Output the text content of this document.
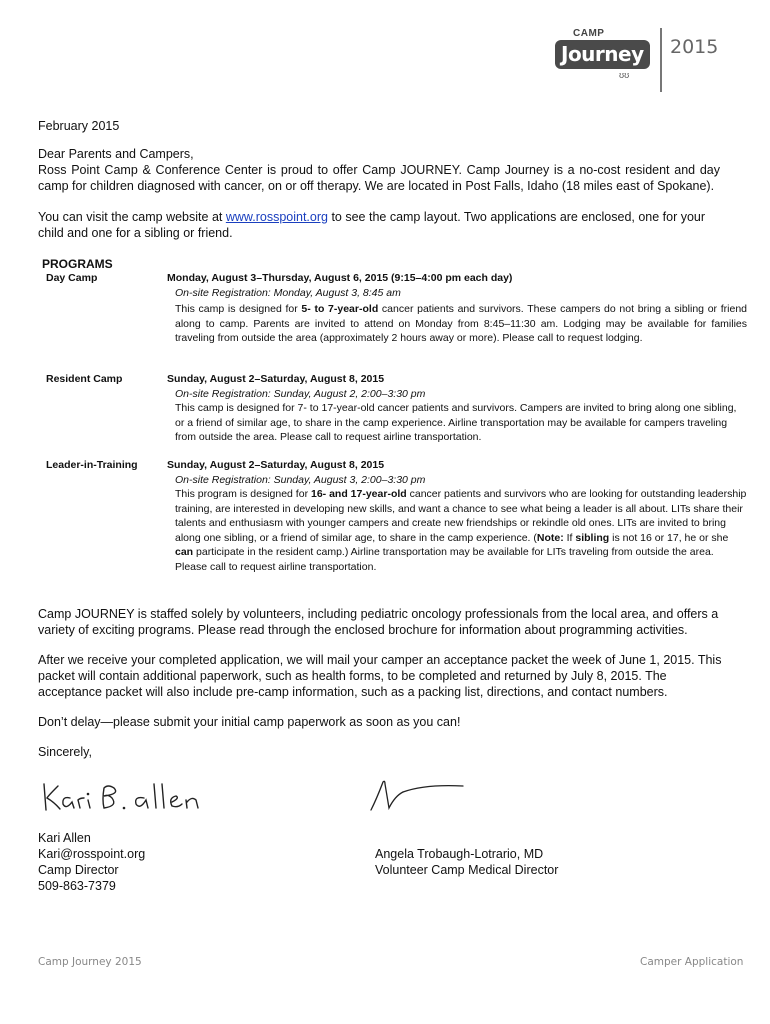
CAMP
Journey
ʊʊ
2015
February 2015
Dear Parents and Campers,
Ross Point Camp & Conference Center is proud to offer Camp JOURNEY. Camp Journey is a no-cost resident and day camp for children diagnosed with cancer, on or off therapy. We are located in Post Falls, Idaho (18 miles east of Spokane).
You can visit the camp website at www.rosspoint.org to see the camp layout. Two applications are enclosed, one for your child and one for a sibling or friend.
PROGRAMS
Day Camp	Monday, August 3–Thursday, August 6, 2015 (9:15–4:00 pm each day)
On-site Registration: Monday, August 3, 8:45 am
This camp is designed for 5- to 7-year-old cancer patients and survivors. These campers do not bring a sibling or friend along to camp. Parents are invited to attend on Monday from 8:45–11:30 am. Lodging may be available for families traveling from outside the area (approximately 2 hours away or more). Please call to request lodging.
Resident Camp	Sunday, August 2–Saturday, August 8, 2015
On-site Registration: Sunday, August 2, 2:00–3:30 pm
This camp is designed for 7- to 17-year-old cancer patients and survivors. Campers are invited to bring along one sibling, or a friend of similar age, to share in the camp experience. Airline transportation may be available for campers traveling from outside the area. Please call to request airline transportation.
Leader-in-Training	Sunday, August 2–Saturday, August 8, 2015
On-site Registration: Sunday, August 3, 2:00–3:30 pm
This program is designed for 16- and 17-year-old cancer patients and survivors who are looking for outstanding leadership training, are interested in developing new skills, and want a chance to see what being a leader is all about. LITs share their talents and enthusiasm with younger campers and create new friendships or rekindle old ones. LITs are invited to bring along one sibling, or a friend of similar age, to share in the camp experience. (Note: If sibling is not 16 or 17, he or she can participate in the resident camp.) Airline transportation may be available for LITs traveling from outside the area. Please call to request airline transportation.
Camp JOURNEY is staffed solely by volunteers, including pediatric oncology professionals from the local area, and offers a variety of exciting programs. Please read through the enclosed brochure for information about programming activities.
After we receive your completed application, we will mail your camper an acceptance packet the week of June 1, 2015. This packet will contain additional paperwork, such as health forms, to be completed and returned by July 8, 2015. The acceptance packet will also include pre-camp information, such as a packing list, directions, and contact numbers.
Don’t delay—please submit your initial camp paperwork as soon as you can!
Sincerely,
Kari Allen
Kari@rosspoint.org
Camp Director
509-863-7379
Angela Trobaugh-Lotrario, MD
Volunteer Camp Medical Director
Camp Journey 2015	Camper Application
